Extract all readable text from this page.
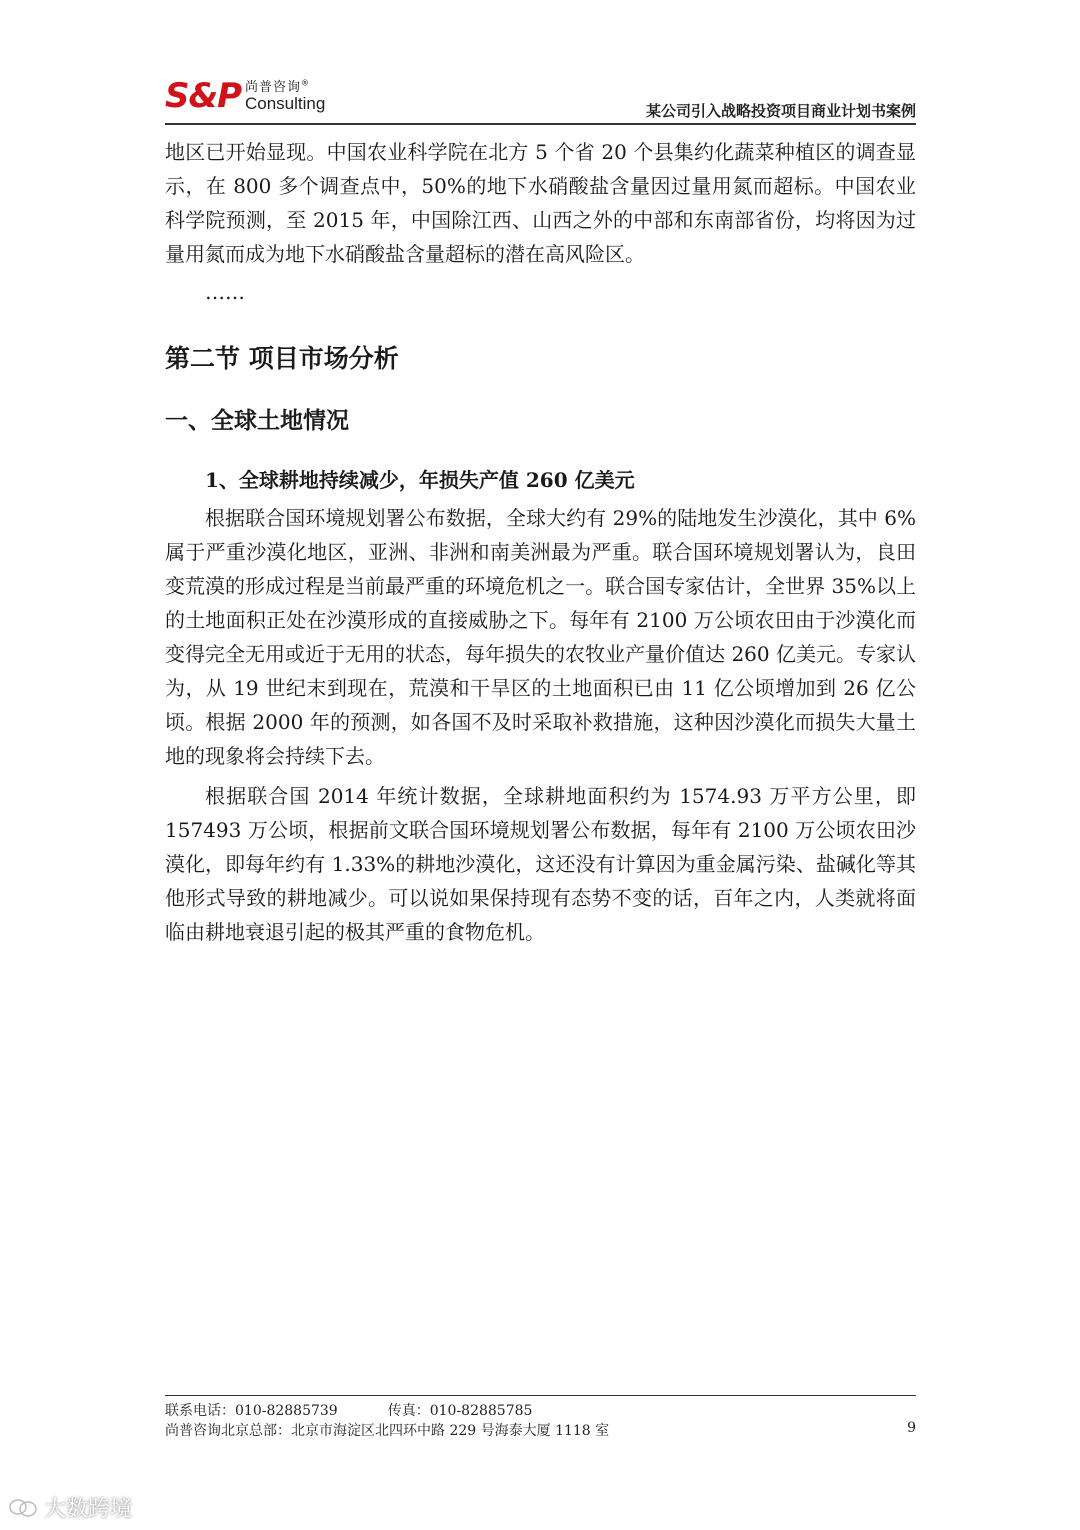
S&P 尚普咨询®
Consulting	某公司引入战略投资项目商业计划书案例

地区已开始显现。中国农业科学院在北方 5 个省 20 个县集约化蔬菜种植区的调查显示，在 800 多个调查点中，50%的地下水硝酸盐含量因过量用氮而超标。中国农业科学院预测，至 2015 年，中国除江西、山西之外的中部和东南部省份，均将因为过量用氮而成为地下水硝酸盐含量超标的潜在高风险区。

……

第二节 项目市场分析
一、全球土地情况
1、全球耕地持续减少，年损失产值 260 亿美元

根据联合国环境规划署公布数据，全球大约有 29%的陆地发生沙漠化，其中 6%属于严重沙漠化地区，亚洲、非洲和南美洲最为严重。联合国环境规划署认为，良田变荒漠的形成过程是当前最严重的环境危机之一。联合国专家估计，全世界 35%以上的土地面积正处在沙漠形成的直接威胁之下。每年有 2100 万公顷农田由于沙漠化而变得完全无用或近于无用的状态，每年损失的农牧业产量价值达 260 亿美元。专家认为，从 19 世纪末到现在，荒漠和干旱区的土地面积已由 11 亿公顷增加到 26 亿公顷。根据 2000 年的预测，如各国不及时采取补救措施，这种因沙漠化而损失大量土地的现象将会持续下去。

根据联合国 2014 年统计数据，全球耕地面积约为 1574.93 万平方公里，即 157493 万公顷，根据前文联合国环境规划署公布数据，每年有 2100 万公顷农田沙漠化，即每年约有 1.33%的耕地沙漠化，这还没有计算因为重金属污染、盐碱化等其他形式导致的耕地减少。可以说如果保持现有态势不变的话，百年之内，人类就将面临由耕地衰退引起的极其严重的食物危机。

联系电话：010-82885739	传真：010-82885785
尚普咨询北京总部：北京市海淀区北四环中路 229 号海泰大厦 1118 室	9
大数跨境
